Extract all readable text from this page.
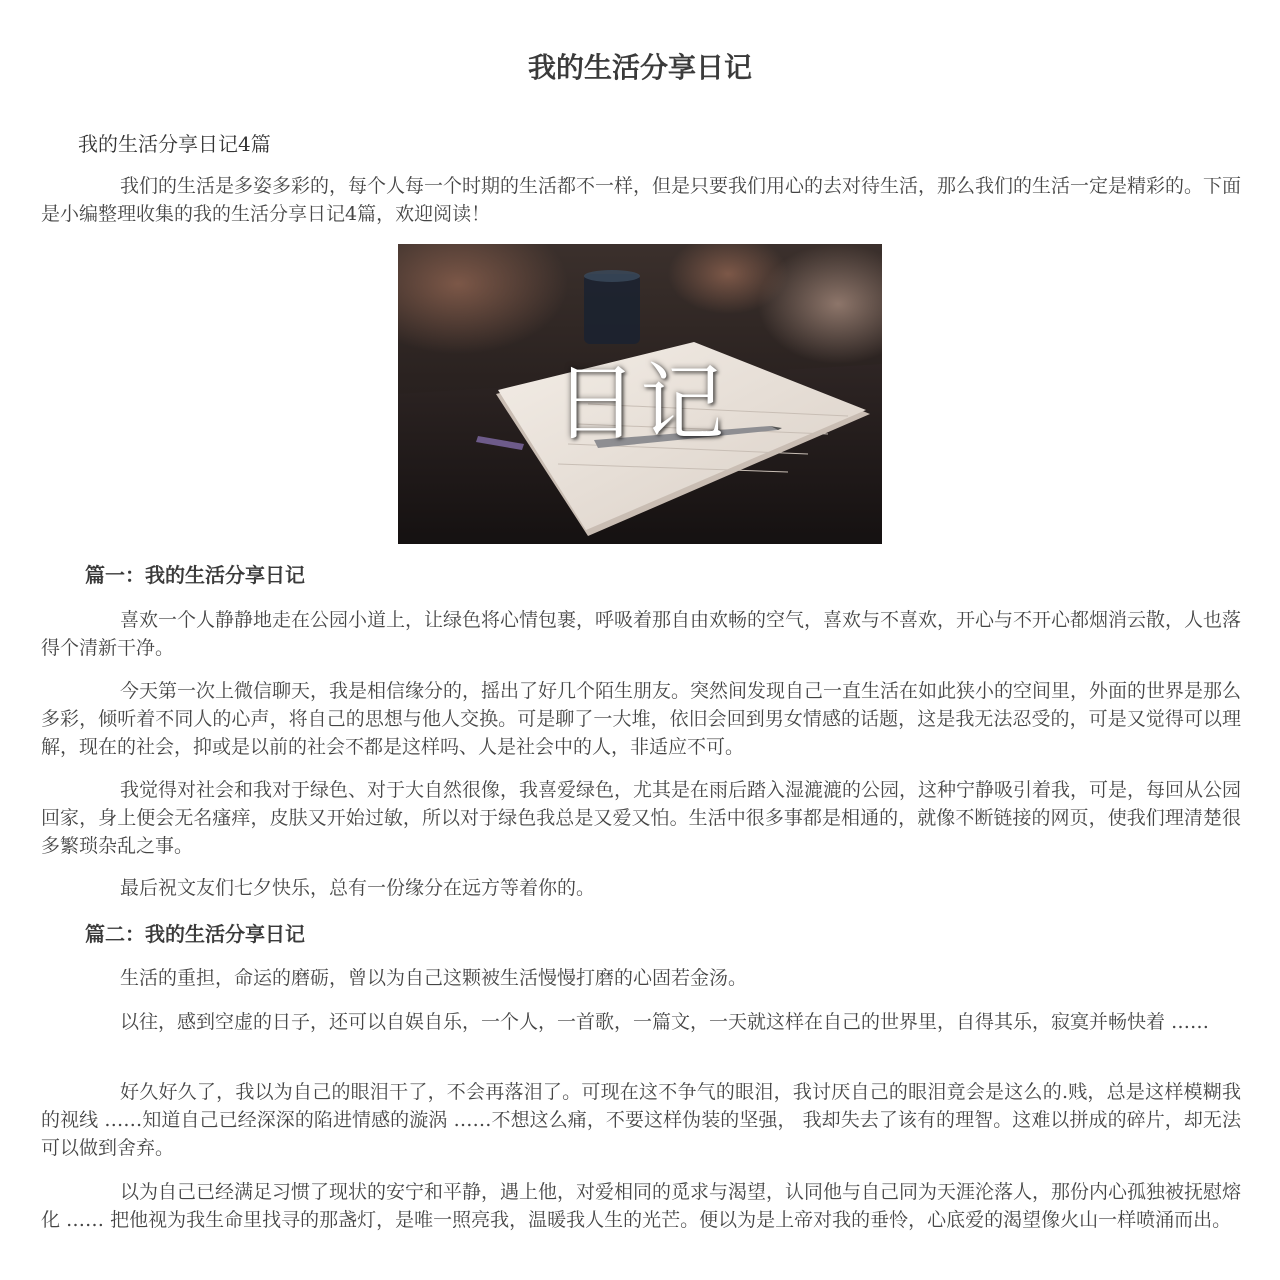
我的生活分享日记

我的生活分享日记4篇

我们的生活是多姿多彩的，每个人每一个时期的生活都不一样，但是只要我们用心的去对待生活，那么我们的生活一定是精彩的。下面是小编整理收集的我的生活分享日记4篇，欢迎阅读！

日记
篇一：我的生活分享日记

喜欢一个人静静地走在公园小道上，让绿色将心情包裹，呼吸着那自由欢畅的空气，喜欢与不喜欢，开心与不开心都烟消云散，人也落得个清新干净。

今天第一次上微信聊天，我是相信缘分的，摇出了好几个陌生朋友。突然间发现自己一直生活在如此狭小的空间里，外面的世界是那么多彩，倾听着不同人的心声，将自己的思想与他人交换。可是聊了一大堆，依旧会回到男女情感的话题，这是我无法忍受的，可是又觉得可以理解，现在的社会，抑或是以前的社会不都是这样吗、人是社会中的人，非适应不可。

我觉得对社会和我对于绿色、对于大自然很像，我喜爱绿色，尤其是在雨后踏入湿漉漉的公园，这种宁静吸引着我，可是，每回从公园回家，身上便会无名瘙痒，皮肤又开始过敏，所以对于绿色我总是又爱又怕。生活中很多事都是相通的，就像不断链接的网页，使我们理清楚很多繁琐杂乱之事。

最后祝文友们七夕快乐，总有一份缘分在远方等着你的。

篇二：我的生活分享日记

生活的重担，命运的磨砺，曾以为自己这颗被生活慢慢打磨的心固若金汤。

以往，感到空虚的日子，还可以自娱自乐，一个人，一首歌，一篇文，一天就这样在自己的世界里，自得其乐，寂寞并畅快着 ……

好久好久了，我以为自己的眼泪干了，不会再落泪了。可现在这不争气的眼泪，我讨厌自己的眼泪竟会是这么的.贱，总是这样模糊我的视线 ……知道自己已经深深的陷进情感的漩涡 ……不想这么痛，不要这样伪装的坚强， 我却失去了该有的理智。这难以拼成的碎片，却无法可以做到舍弃。

以为自己已经满足习惯了现状的安宁和平静，遇上他，对爱相同的觅求与渴望，认同他与自己同为天涯沦落人，那份内心孤独被抚慰熔化 …… 把他视为我生命里找寻的那盏灯，是唯一照亮我，温暖我人生的光芒。便以为是上帝对我的垂怜，心底爱的渴望像火山一样喷涌而出。
